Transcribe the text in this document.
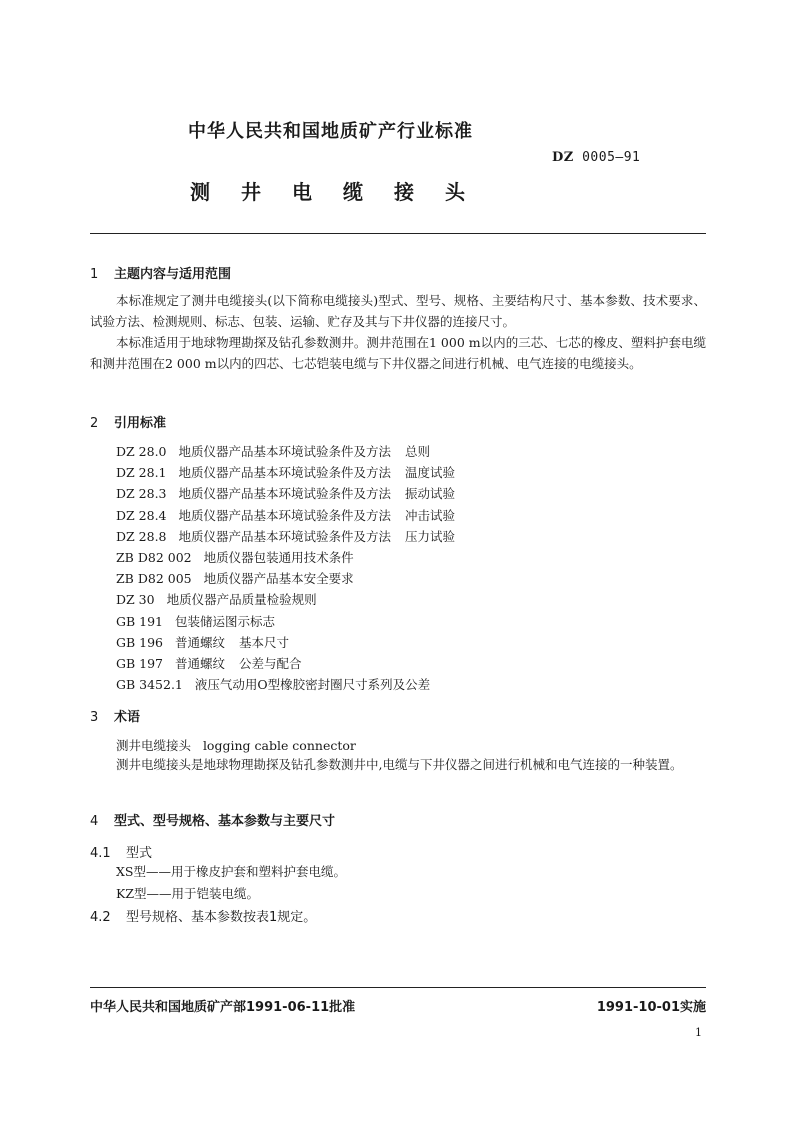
中华人民共和国地质矿产行业标准
DZ 0005—91
测井电缆接头
1 主题内容与适用范围
本标准规定了测井电缆接头(以下简称电缆接头)型式、型号、规格、主要结构尺寸、基本参数、技术要求、试验方法、检测规则、标志、包装、运输、贮存及其与下井仪器的连接尺寸。
本标准适用于地球物理勘探及钻孔参数测井。测井范围在1 000 m以内的三芯、七芯的橡皮、塑料护套电缆和测井范围在2 000 m以内的四芯、七芯铠装电缆与下井仪器之间进行机械、电气连接的电缆接头。
2 引用标准
DZ 28.0 地质仪器产品基本环境试验条件及方法 总则
DZ 28.1 地质仪器产品基本环境试验条件及方法 温度试验
DZ 28.3 地质仪器产品基本环境试验条件及方法 振动试验
DZ 28.4 地质仪器产品基本环境试验条件及方法 冲击试验
DZ 28.8 地质仪器产品基本环境试验条件及方法 压力试验
ZB D82 002 地质仪器包装通用技术条件
ZB D82 005 地质仪器产品基本安全要求
DZ 30 地质仪器产品质量检验规则
GB 191 包装储运图示标志
GB 196 普通螺纹 基本尺寸
GB 197 普通螺纹 公差与配合
GB 3452.1 液压气动用O型橡胶密封圈尺寸系列及公差
3 术语
测井电缆接头 logging cable connector
测井电缆接头是地球物理勘探及钻孔参数测井中,电缆与下井仪器之间进行机械和电气连接的一种装置。
4 型式、型号规格、基本参数与主要尺寸
4.1 型式
XS型——用于橡皮护套和塑料护套电缆。
KZ型——用于铠装电缆。
4.2 型号规格、基本参数按表1规定。
中华人民共和国地质矿产部1991-06-11批准	1991-10-01实施
1
